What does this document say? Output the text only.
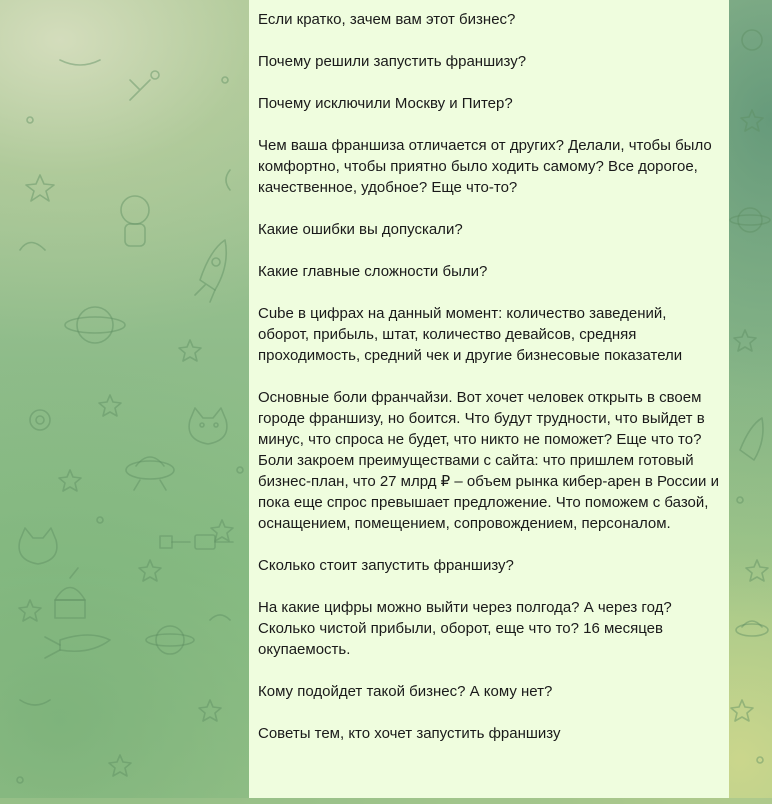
Если кратко, зачем вам этот бизнес?

Почему решили запустить франшизу?

Почему исключили Москву и Питер?

Чем ваша франшиза отличается от других? Делали, чтобы было комфортно, чтобы приятно было ходить самому? Все дорогое, качественное, удобное? Еще что-то?

Какие ошибки вы допускали?

Какие главные сложности были?

Cube в цифрах на данный момент: количество заведений, оборот, прибыль, штат, количество девайсов, средняя проходимость, средний чек и другие бизнесовые показатели

Основные боли франчайзи. Вот хочет человек открыть в своем городе франшизу, но боится. Что будут трудности, что выйдет в минус, что спроса не будет, что никто не поможет? Еще что то?

Боли закроем преимуществами с сайта: что пришлем готовый бизнес-план, что 27 млрд ₽ – объем рынка кибер-арен в России и пока еще спрос превышает предложение. Что поможем с базой, оснащением, помещением, сопровождением, персоналом.

Сколько стоит запустить франшизу?

На какие цифры можно выйти через полгода? А через год? Сколько чистой прибыли, оборот, еще что то? 16 месяцев окупаемость.

Кому подойдет такой бизнес? А кому нет?

Советы тем, кто хочет запустить франшизу
